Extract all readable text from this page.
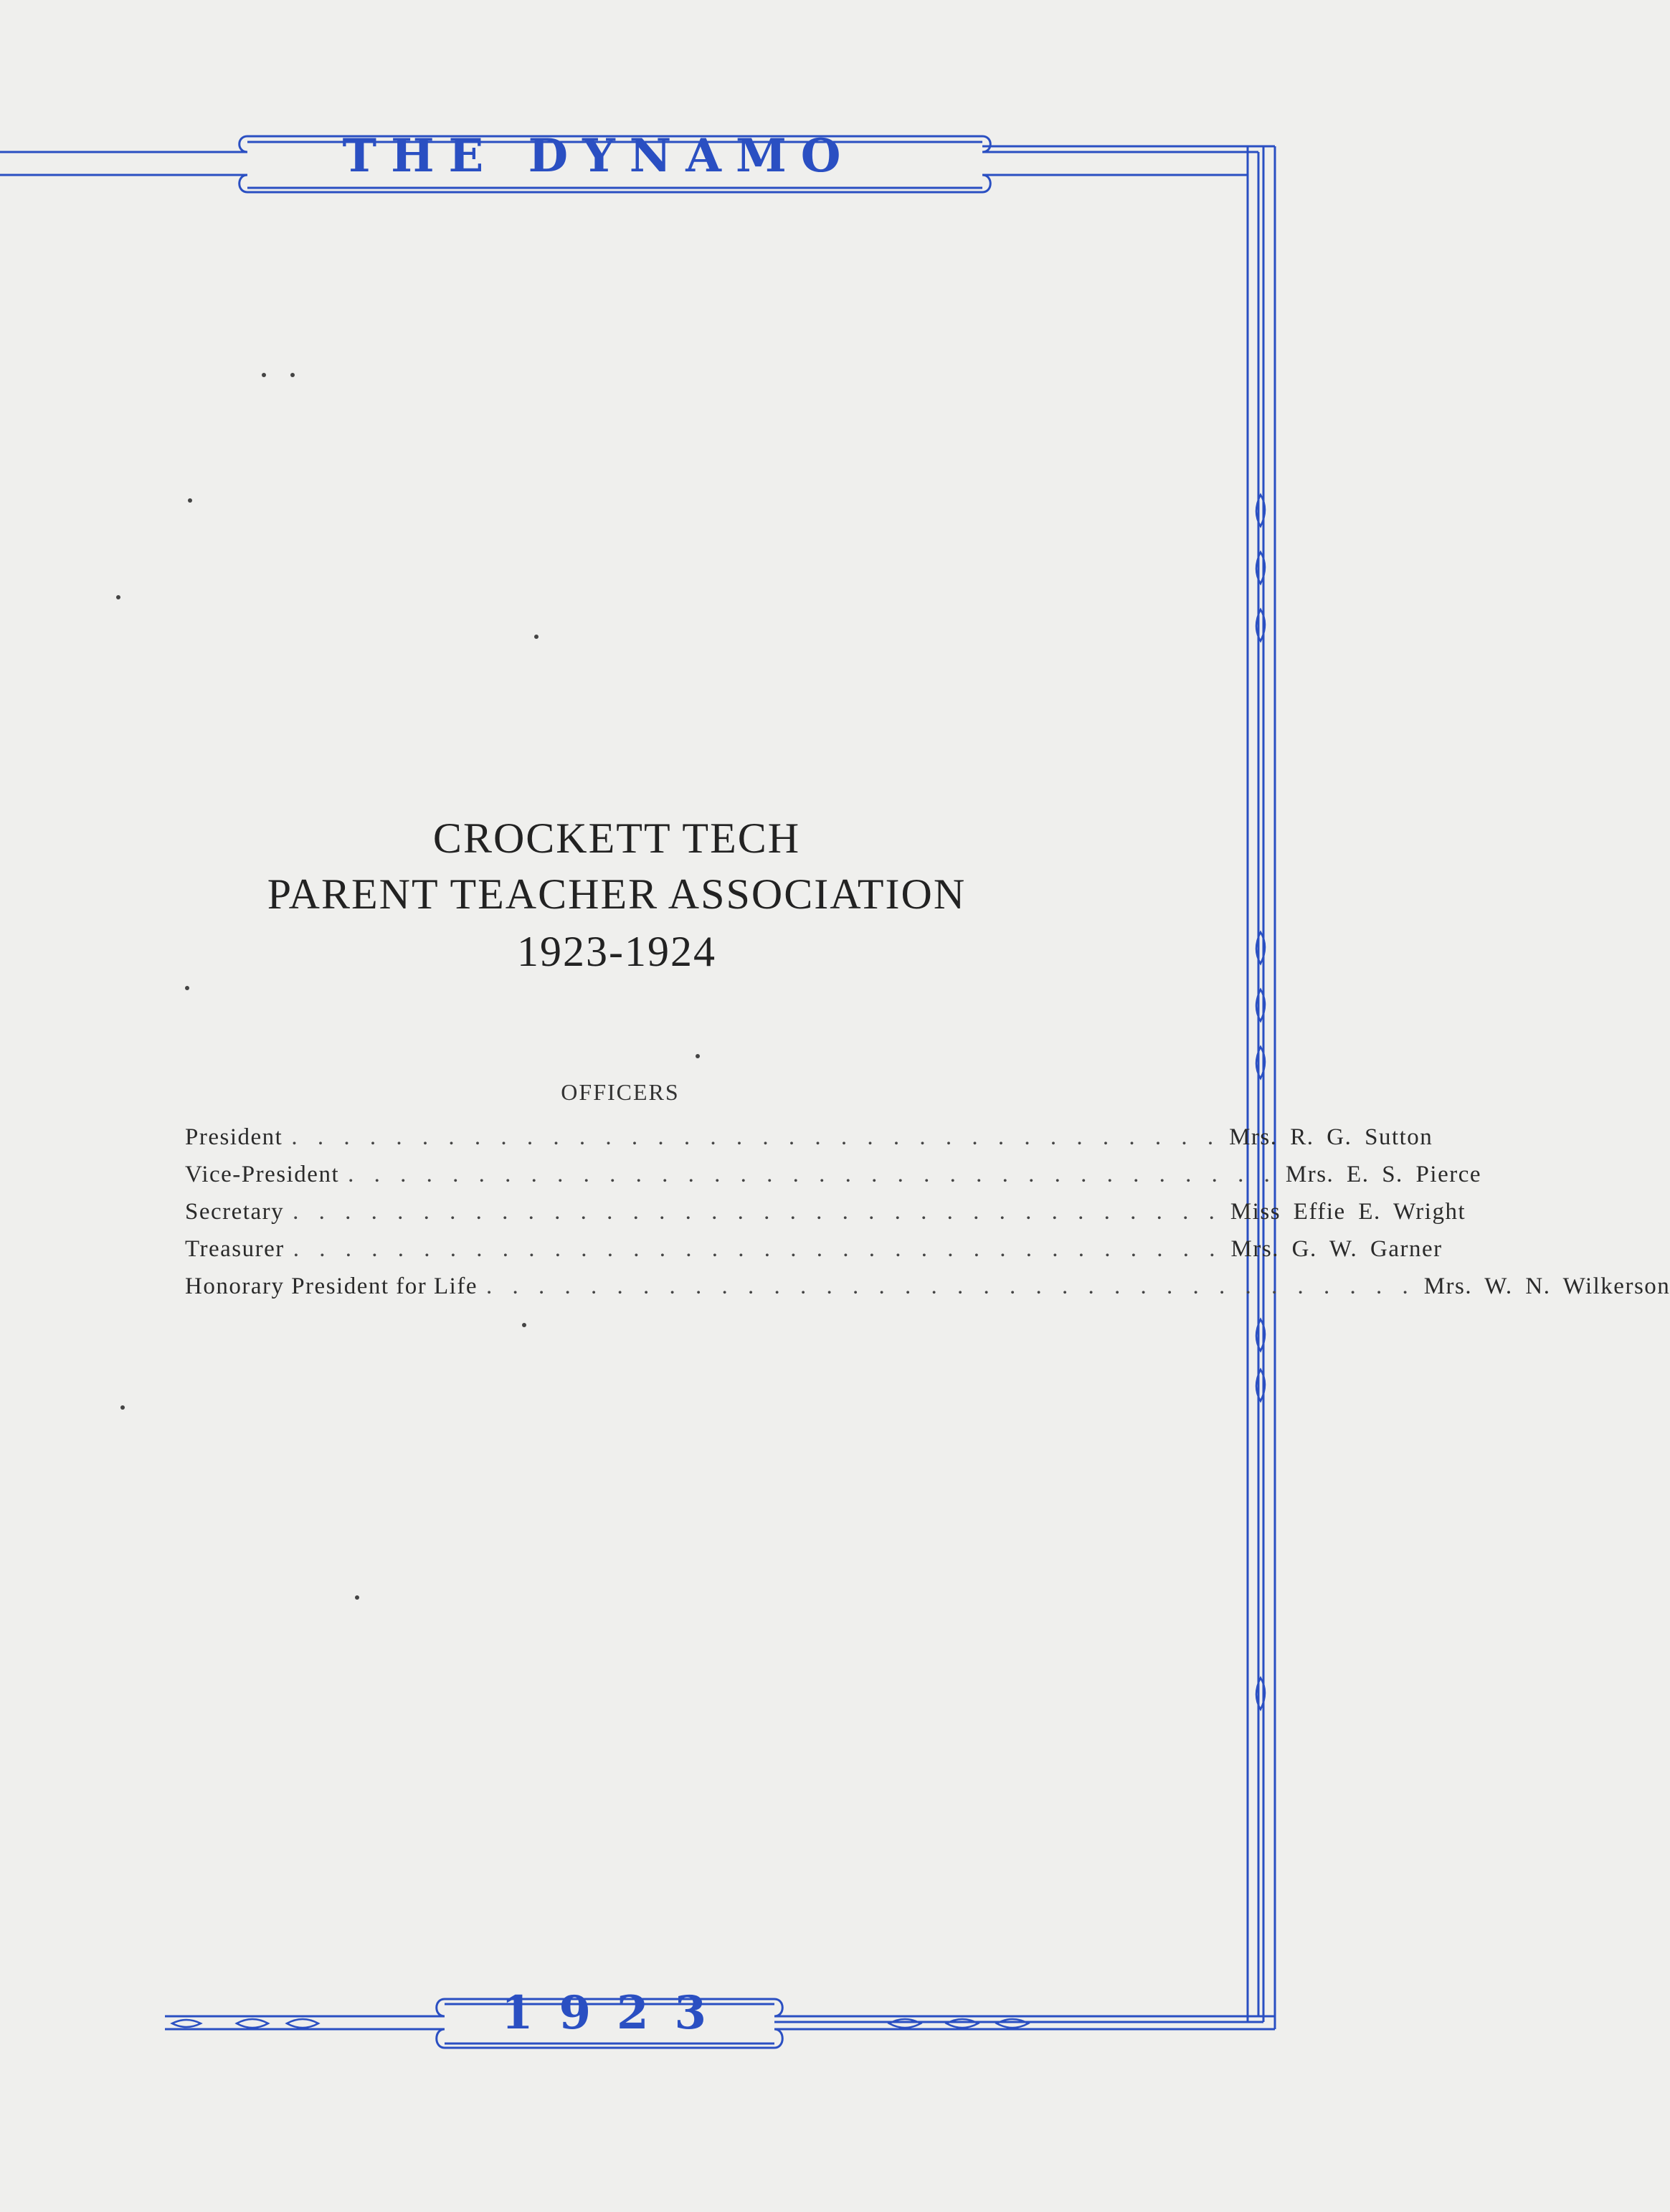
THE DYNAMO
1923
CROCKETT TECH
PARENT TEACHER ASSOCIATION
1923-1924
OFFICERS
President . . . . . . . . . . . . . . . . . . . . . . . . . . . . . . . . . . . . Mrs. R. G. Sutton
Vice-President . . . . . . . . . . . . . . . . . . . . . . . . . . . . . . . . . . . . Mrs. E. S. Pierce
Secretary . . . . . . . . . . . . . . . . . . . . . . . . . . . . . . . . . . . . Miss Effie E. Wright
Treasurer . . . . . . . . . . . . . . . . . . . . . . . . . . . . . . . . . . . . Mrs. G. W. Garner
Honorary President for Life . . . . . . . . . . . . . . . . . . . . . . . . . . . . . . . . . . . . Mrs. W. N. Wilkerson
